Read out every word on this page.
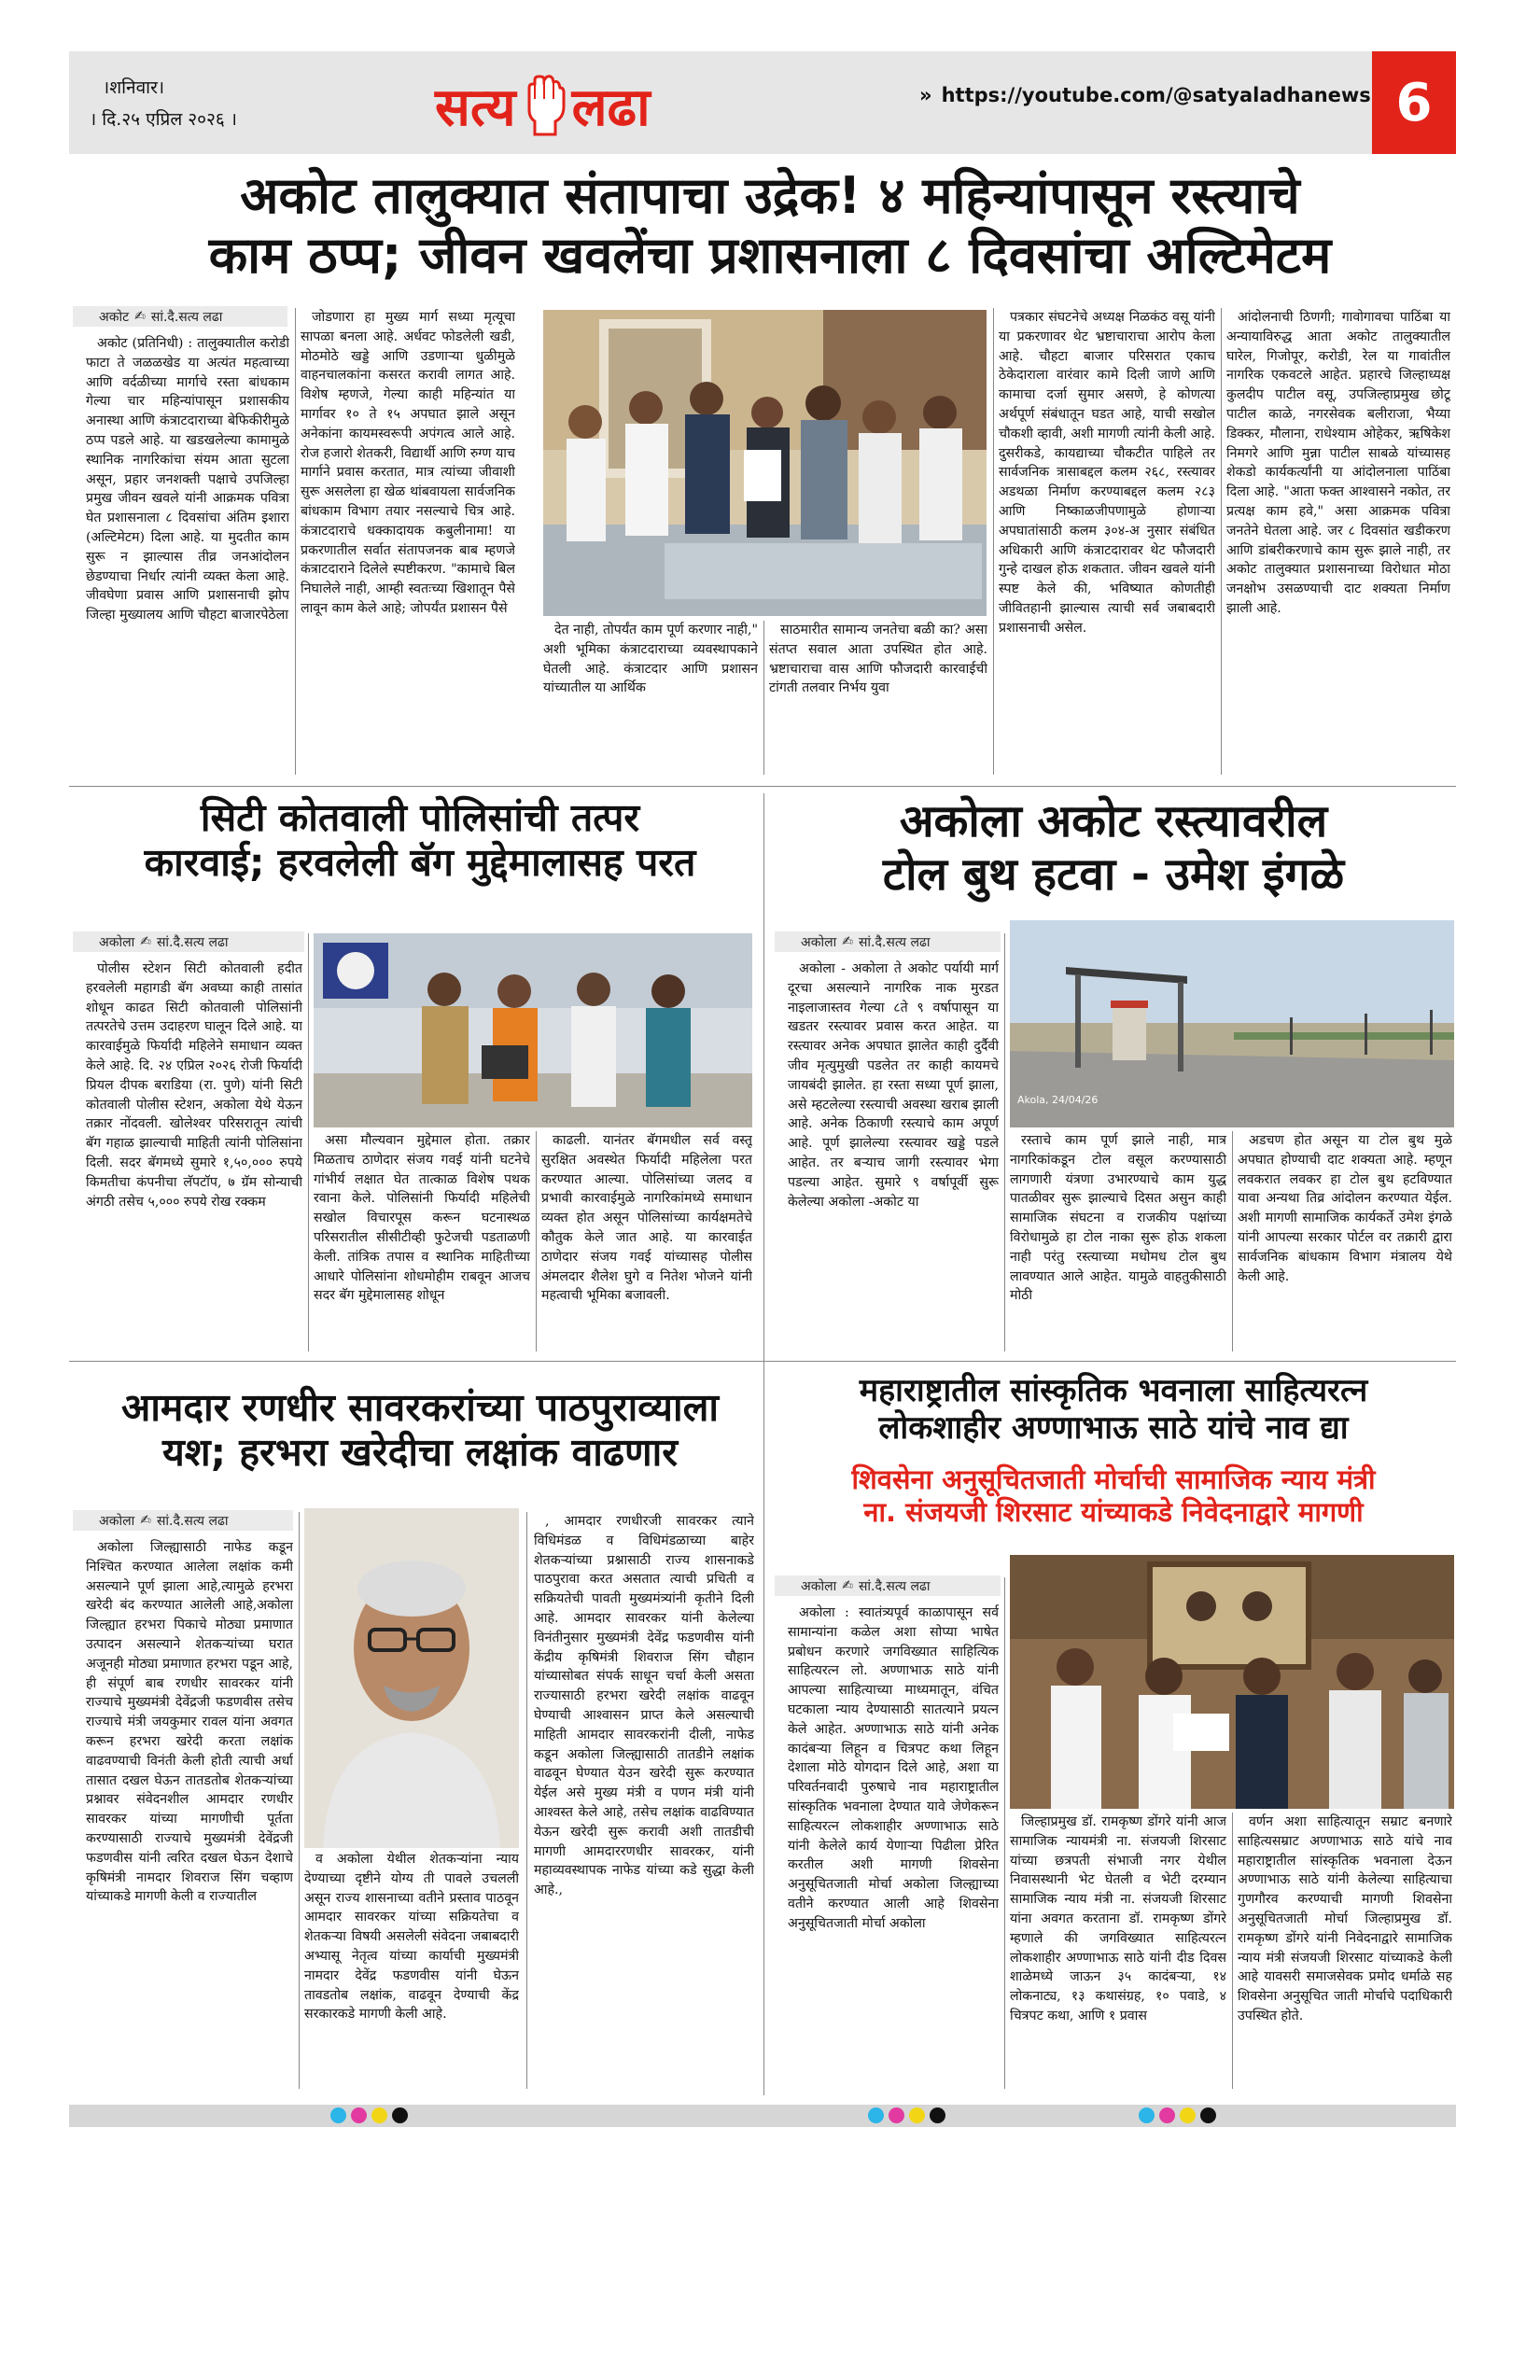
।शनिवार।
। दि.२५ एप्रिल २०२६ ।	सत्य लढा	» https://youtube.com/@satyaladhanews 6
अकोट तालुक्यात संतापाचा उद्रेक! ४ महिन्यांपासून रस्त्याचे
काम ठप्प; जीवन खवलेंचा प्रशासनाला ८ दिवसांचा अल्टिमेटम
अकोट ✍ सां.दै.सत्य लढा

अकोट (प्रतिनिधी) : तालुक्यातील करोडी फाटा ते जळळखेड या अत्यंत महत्वाच्या आणि वर्दळीच्या मार्गाचे रस्ता बांधकाम गेल्या चार महिन्यांपासून प्रशासकीय अनास्था आणि कंत्राटदाराच्या बेफिकीरीमुळे ठप्प पडले आहे. या खडखलेल्या कामामुळे स्थानिक नागरिकांचा संयम आता सुटला असून, प्रहार जनशक्ती पक्षाचे उपजिल्हा प्रमुख जीवन खवले यांनी आक्रमक पवित्रा घेत प्रशासनाला ८ दिवसांचा अंतिम इशारा (अल्टिमेटम) दिला आहे. या मुदतीत काम सुरू न झाल्यास तीव्र जनआंदोलन छेडण्याचा निर्धार त्यांनी व्यक्त केला आहे. जीवघेणा प्रवास आणि प्रशासनाची झोप जिल्हा मुख्यालय आणि चौहटा बाजारपेठेला

जोडणारा हा मुख्य मार्ग सध्या मृत्यूचा सापळा बनला आहे. अर्धवट फोडलेली खडी, मोठमोठे खड्डे आणि उडणाऱ्या धुळीमुळे वाहनचालकांना कसरत करावी लागत आहे. विशेष म्हणजे, गेल्या काही महिन्यांत या मार्गावर १० ते १५ अपघात झाले असून अनेकांना कायमस्वरूपी अपंगत्व आले आहे. रोज हजारो शेतकरी, विद्यार्थी आणि रुग्ण याच मार्गाने प्रवास करतात, मात्र त्यांच्या जीवाशी सुरू असलेला हा खेळ थांबवायला सार्वजनिक बांधकाम विभाग तयार नसल्याचे चित्र आहे. कंत्राटदाराचे धक्कादायक कबुलीनामा! या प्रकरणातील सर्वात संतापजनक बाब म्हणजे कंत्राटदाराने दिलेले स्पष्टीकरण. "कामाचे बिल निघालेले नाही, आम्ही स्वतःच्या खिशातून पैसे लावून काम केले आहे; जोपर्यंत प्रशासन पैसे

देत नाही, तोपर्यंत काम पूर्ण करणार नाही," अशी भूमिका कंत्राटदाराच्या व्यवस्थापकाने घेतली आहे. कंत्राटदार आणि प्रशासन यांच्यातील या आर्थिक

साठमारीत सामान्य जनतेचा बळी का? असा संतप्त सवाल आता उपस्थित होत आहे. भ्रष्टाचाराचा वास आणि फौजदारी कारवाईची टांगती तलवार निर्भय युवा

पत्रकार संघटनेचे अध्यक्ष निळकंठ वसू यांनी या प्रकरणावर थेट भ्रष्टाचाराचा आरोप केला आहे. चौहटा बाजार परिसरात एकाच ठेकेदाराला वारंवार कामे दिली जाणे आणि कामाचा दर्जा सुमार असणे, हे कोणत्या अर्थपूर्ण संबंधातून घडत आहे, याची सखोल चौकशी व्हावी, अशी मागणी त्यांनी केली आहे. दुसरीकडे, कायद्याच्या चौकटीत पाहिले तर सार्वजनिक त्रासाबद्दल कलम २६८, रस्त्यावर अडथळा निर्माण करण्याबद्दल कलम २८३ आणि निष्काळजीपणामुळे होणाऱ्या अपघातांसाठी कलम ३०४-अ नुसार संबंधित अधिकारी आणि कंत्राटदारावर थेट फौजदारी गुन्हे दाखल होऊ शकतात. जीवन खवले यांनी स्पष्ट केले की, भविष्यात कोणतीही जीवितहानी झाल्यास त्याची सर्व जबाबदारी प्रशासनाची असेल.

आंदोलनाची ठिणगी; गावोगावचा पाठिंबा या अन्यायाविरुद्ध आता अकोट तालुक्यातील घारेल, गिजोपूर, करोडी, रेल या गावांतील नागरिक एकवटले आहेत. प्रहारचे जिल्हाध्यक्ष कुलदीप पाटील वसू, उपजिल्हाप्रमुख छोटू पाटील काळे, नगरसेवक बलीराजा, भैय्या डिक्कर, मौलाना, राधेश्याम ओहेकर, ऋषिकेश निमगरे आणि मुन्ना पाटील साबळे यांच्यासह शेकडो कार्यकर्त्यांनी या आंदोलनाला पाठिंबा दिला आहे. "आता फक्त आश्वासने नकोत, तर प्रत्यक्ष काम हवे," असा आक्रमक पवित्रा जनतेने घेतला आहे. जर ८ दिवसांत खडीकरण आणि डांबरीकरणाचे काम सुरू झाले नाही, तर अकोट तालुक्यात प्रशासनाच्या विरोधात मोठा जनक्षोभ उसळण्याची दाट शक्यता निर्माण झाली आहे.

सिटी कोतवाली पोलिसांची तत्पर
कारवाई; हरवलेली बॅग मुद्देमालासह परत
अकोला ✍ सां.दै.सत्य लढा

पोलीस स्टेशन सिटी कोतवाली हदीत हरवलेली महागडी बॅग अवघ्या काही तासांत शोधून काढत सिटी कोतवाली पोलिसांनी तत्परतेचे उत्तम उदाहरण घालून दिले आहे. या कारवाईमुळे फिर्यादी महिलेने समाधान व्यक्त केले आहे. दि. २४ एप्रिल २०२६ रोजी फिर्यादी प्रियल दीपक बराडिया (रा. पुणे) यांनी सिटी कोतवाली पोलीस स्टेशन, अकोला येथे येऊन तक्रार नोंदवली. खोलेश्वर परिसरातून त्यांची बॅग गहाळ झाल्याची माहिती त्यांनी पोलिसांना दिली. सदर बॅगमध्ये सुमारे १,५०,००० रुपये किमतीचा कंपनीचा लॅपटॉप, ७ ग्रॅम सोन्याची अंगठी तसेच ५,००० रुपये रोख रक्कम

असा मौल्यवान मुद्देमाल होता. तक्रार मिळताच ठाणेदार संजय गवई यांनी घटनेचे गांभीर्य लक्षात घेत तात्काळ विशेष पथक रवाना केले. पोलिसांनी फिर्यादी महिलेची सखोल विचारपूस करून घटनास्थळ परिसरातील सीसीटीव्ही फुटेजची पडताळणी केली. तांत्रिक तपास व स्थानिक माहितीच्या आधारे पोलिसांना शोधमोहीम राबवून आजच सदर बॅग मुद्देमालासह शोधून

काढली. यानंतर बॅगमधील सर्व वस्तू सुरक्षित अवस्थेत फिर्यादी महिलेला परत करण्यात आल्या. पोलिसांच्या जलद व प्रभावी कारवाईमुळे नागरिकांमध्ये समाधान व्यक्त होत असून पोलिसांच्या कार्यक्षमतेचे कौतुक केले जात आहे. या कारवाईत ठाणेदार संजय गवई यांच्यासह पोलीस अंमलदार शैलेश घुगे व नितेश भोजने यांनी महत्वाची भूमिका बजावली.

अकोला अकोट रस्त्यावरील
टोल बुथ हटवा - उमेश इंगळे
अकोला ✍ सां.दै.सत्य लढा

अकोला - अकोला ते अकोट पर्यायी मार्ग दूरचा असल्याने नागरिक नाक मुरडत नाइलाजास्तव गेल्या ८ते ९ वर्षापासून या खडतर रस्त्यावर प्रवास करत आहेत. या रस्त्यावर अनेक अपघात झालेत काही दुर्दैवी जीव मृत्युमुखी पडलेत तर काही कायमचे जायबंदी झालेत. हा रस्ता सध्या पूर्ण झाला, असे म्हटलेल्या रस्त्याची अवस्था खराब झाली आहे. अनेक ठिकाणी रस्त्याचे काम अपूर्ण आहे. पूर्ण झालेल्या रस्त्यावर खड्डे पडले आहेत. तर बऱ्याच जागी रस्त्यावर भेगा पडल्या आहेत. सुमारे ९ वर्षापूर्वी सुरू केलेल्या अकोला -अकोट या

Akola, 24/04/26

रस्ताचे काम पूर्ण झाले नाही, मात्र नागरिकांकडून टोल वसूल करण्यासाठी लागणारी यंत्रणा उभारण्याचे काम युद्ध पातळीवर सुरू झाल्याचे दिसत असुन काही सामाजिक संघटना व राजकीय पक्षांच्या विरोधामुळे हा टोल नाका सुरू होऊ शकला नाही परंतु रस्त्याच्या मधोमध टोल बुथ लावण्यात आले आहेत. यामुळे वाहतुकीसाठी मोठी

अडचण होत असून या टोल बुथ मुळे अपघात होण्याची दाट शक्यता आहे. म्हणून लवकरात लवकर हा टोल बुथ हटविण्यात यावा अन्यथा तिव्र आंदोलन करण्यात येईल. अशी मागणी सामाजिक कार्यकर्ते उमेश इंगळे यांनी आपल्या सरकार पोर्टल वर तक्रारी द्वारा सार्वजनिक बांधकाम विभाग मंत्रालय येथे केली आहे.

आमदार रणधीर सावरकरांच्या पाठपुराव्याला
यश; हरभरा खरेदीचा लक्षांक वाढणार
अकोला ✍ सां.दै.सत्य लढा

अकोला जिल्ह्यासाठी नाफेड कडून निश्चित करण्यात आलेला लक्षांक कमी असल्याने पूर्ण झाला आहे,त्यामुळे हरभरा खरेदी बंद करण्यात आलेली आहे,अकोला जिल्ह्यात हरभरा पिकाचे मोठ्या प्रमाणात उत्पादन असल्याने शेतकऱ्यांच्या घरात अजूनही मोठ्या प्रमाणात हरभरा पडून आहे, ही संपूर्ण बाब रणधीर सावरकर यांनी राज्याचे मुख्यमंत्री देवेंद्रजी फडणवीस तसेच राज्याचे मंत्री जयकुमार रावल यांना अवगत करून हरभरा खरेदी करता लक्षांक वाढवण्याची विनंती केली होती त्याची अर्धा तासात दखल घेऊन तातडतोब शेतकऱ्यांच्या प्रश्नावर संवेदनशील आमदार रणधीर सावरकर यांच्या मागणीची पूर्तता करण्यासाठी राज्याचे मुख्यमंत्री देवेंद्रजी फडणवीस यांनी त्वरित दखल घेऊन देशाचे कृषिमंत्री नामदार शिवराज सिंग चव्हाण यांच्याकडे मागणी केली व राज्यातील

व अकोला येथील शेतकऱ्यांना न्याय देण्याच्या दृष्टीने योग्य ती पावले उचलली असून राज्य शासनाच्या वतीने प्रस्ताव पाठवून आमदार सावरकर यांच्या सक्रियतेचा व शेतकऱ्या विषयी असलेली संवेदना जबाबदारी अभ्यासू नेतृत्व यांच्या कार्याची मुख्यमंत्री नामदार देवेंद्र फडणवीस यांनी घेऊन तावडतोब लक्षांक, वाढवून देण्याची केंद्र सरकारकडे मागणी केली आहे.

, आमदार रणधीरजी सावरकर त्याने विधिमंडळ व विधिमंडळाच्या बाहेर शेतकऱ्यांच्या प्रश्नासाठी राज्य शासनाकडे पाठपुरावा करत असतात त्याची प्रचिती व सक्रियतेची पावती मुख्यमंत्र्यांनी कृतीने दिली आहे. आमदार सावरकर यांनी केलेल्या विनंतीनुसार मुख्यमंत्री देवेंद्र फडणवीस यांनी केंद्रीय कृषिमंत्री शिवराज सिंग चौहान यांच्यासोबत संपर्क साधून चर्चा केली असता राज्यासाठी हरभरा खरेदी लक्षांक वाढवून घेण्याची आश्वासन प्राप्त केले असल्याची माहिती आमदार सावरकरांनी दीली, नाफेड कडून अकोला जिल्ह्यासाठी तातडीने लक्षांक वाढवून घेण्यात येउन खरेदी सुरू करण्यात येईल असे मुख्य मंत्री व पणन मंत्री यांनी आश्वस्त केले आहे, तसेच लक्षांक वाढविण्यात येऊन खरेदी सुरू करावी अशी तातडीची मागणी आमदाररणधीर सावरकर, यांनी महाव्यवस्थापक नाफेड यांच्या कडे सुद्धा केली आहे.,

महाराष्ट्रातील सांस्कृतिक भवनाला साहित्यरत्न
लोकशाहीर अण्णाभाऊ साठे यांचे नाव द्या
शिवसेना अनुसूचितजाती मोर्चाची सामाजिक न्याय मंत्री
ना. संजयजी शिरसाट यांच्याकडे निवेदनाद्वारे मागणी
अकोला ✍ सां.दै.सत्य लढा

अकोला : स्वातंत्र्यपूर्व काळापासून सर्व सामान्यांना कळेल अशा सोप्या भाषेत प्रबोधन करणारे जगविख्यात साहित्यिक साहित्यरत्न लो. अण्णाभाऊ साठे यांनी आपल्या साहित्याच्या माध्यमातून, वंचित घटकाला न्याय देण्यासाठी सातत्याने प्रयत्न केले आहेत. अण्णाभाऊ साठे यांनी अनेक कादंबऱ्या लिहून व चित्रपट कथा लिहून देशाला मोठे योगदान दिले आहे, अशा या परिवर्तनवादी पुरुषाचे नाव महाराष्ट्रातील सांस्कृतिक भवनाला देण्यात यावे जेणेकरून साहित्यरत्न लोकशाहीर अण्णाभाऊ साठे यांनी केलेले कार्य येणाऱ्या पिढीला प्रेरित करतील अशी मागणी शिवसेना अनुसूचितजाती मोर्चा अकोला जिल्ह्याच्या वतीने करण्यात आली आहे शिवसेना अनुसूचितजाती मोर्चा अकोला

जिल्हाप्रमुख डॉ. रामकृष्ण डोंगरे यांनी आज सामाजिक न्यायमंत्री ना. संजयजी शिरसाट यांच्या छत्रपती संभाजी नगर येथील निवासस्थानी भेट घेतली व भेटी दरम्यान सामाजिक न्याय मंत्री ना. संजयजी शिरसाट यांना अवगत करताना डॉ. रामकृष्ण डोंगरे म्हणाले की जगविख्यात साहित्यरत्न लोकशाहीर अण्णाभाऊ साठे यांनी दीड दिवस शाळेमध्ये जाऊन ३५ कादंबऱ्या, १४ लोकनाट्य, १३ कथासंग्रह, १० पवाडे, ४ चित्रपट कथा, आणि १ प्रवास

वर्णन अशा साहित्यातून सम्राट बनणारे साहित्यसम्राट अण्णाभाऊ साठे यांचे नाव महाराष्ट्रातील सांस्कृतिक भवनाला देऊन अण्णाभाऊ साठे यांनी केलेल्या साहित्याचा गुणगौरव करण्याची मागणी शिवसेना अनुसूचितजाती मोर्चा जिल्हाप्रमुख डॉ. रामकृष्ण डोंगरे यांनी निवेदनाद्वारे सामाजिक न्याय मंत्री संजयजी शिरसाट यांच्याकडे केली आहे यावसरी समाजसेवक प्रमोद धर्माळे सह शिवसेना अनुसूचित जाती मोर्चाचे पदाधिकारी उपस्थित होते.
